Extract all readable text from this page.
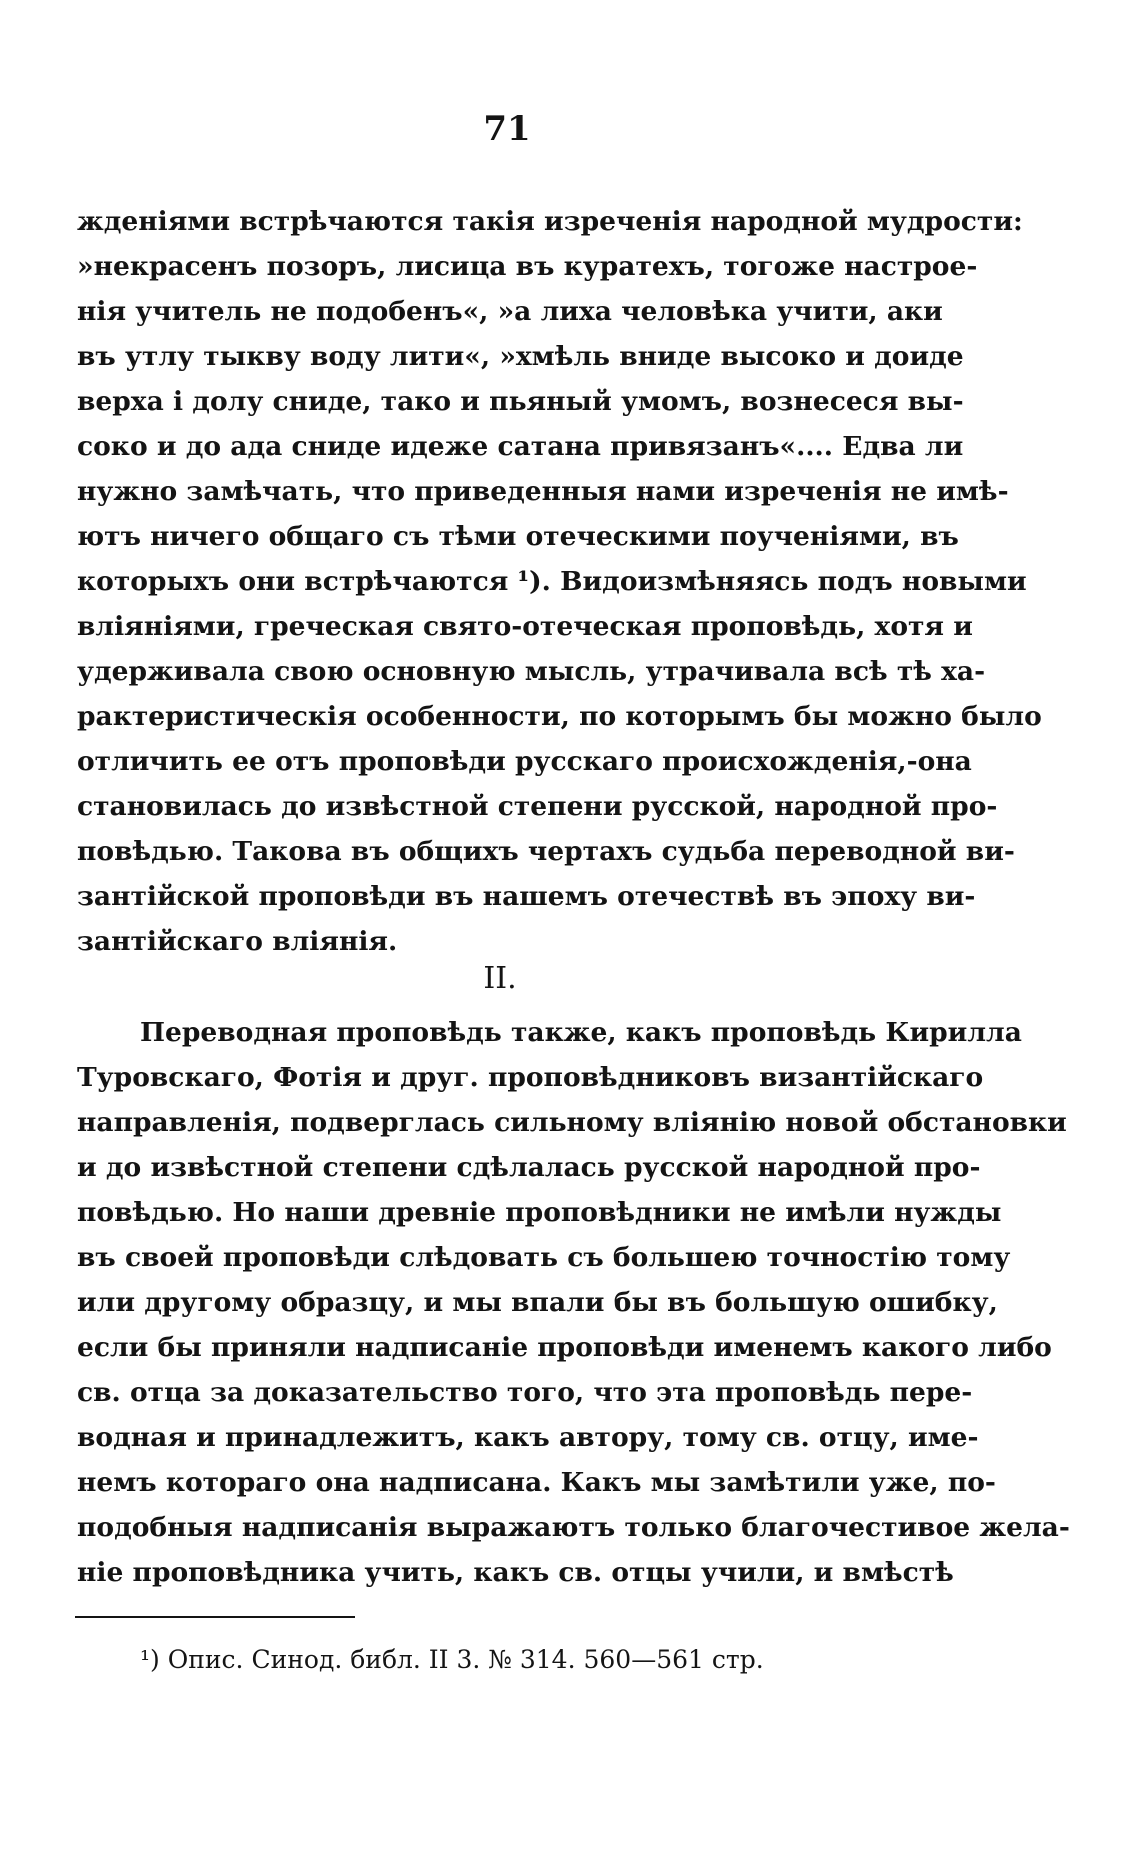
71
жденіями встрѣчаются такія изреченія народной мудрости:
»некрасенъ позоръ, лисица въ куратехъ, тогоже настрое-
нія учитель не подобенъ«, »а лиха человѣка учити, аки
въ утлу тыкву воду лити«, »хмѣль вниде высоко и доиде
верха і долу сниде, тако и пьяный умомъ, вознесеся вы-
соко и до ада сниде идеже сатана привязанъ«.... Едва ли
нужно замѣчать, что приведенныя нами изреченія не имѣ-
ютъ ничего общаго съ тѣми отеческими поученіями, въ
которыхъ они встрѣчаются ¹). Видоизмѣняясь подъ новыми
вліяніями, греческая свято-отеческая проповѣдь, хотя и
удерживала свою основную мысль, утрачивала всѣ тѣ ха-
рактеристическія особенности, по которымъ бы можно было
отличить ее отъ проповѣди русскаго происхожденія,-она
становилась до извѣстной степени русской, народной про-
повѣдью. Такова въ общихъ чертахъ судьба переводной ви-
зантійской проповѣди въ нашемъ отечествѣ въ эпоху ви-
зантійскаго вліянія.
II.
Переводная проповѣдь также, какъ проповѣдь Кирилла
Туровскаго, Фотія и друг. проповѣдниковъ византійскаго
направленія, подверглась сильному вліянію новой обстановки
и до извѣстной степени сдѣлалась русской народной про-
повѣдью. Но наши древніе проповѣдники не имѣли нужды
въ своей проповѣди слѣдовать съ большею точностію тому
или другому образцу, и мы впали бы въ большую ошибку,
если бы приняли надписаніе проповѣди именемъ какого либо
св. отца за доказательство того, что эта проповѣдь пере-
водная и принадлежитъ, какъ автору, тому св. отцу, име-
немъ котораго она надписана. Какъ мы замѣтили уже, по-
подобныя надписанія выражаютъ только благочестивое жела-
ніе проповѣдника учить, какъ св. отцы учили, и вмѣстѣ
¹) Опис. Синод. библ. II 3. № 314. 560—561 стр.
